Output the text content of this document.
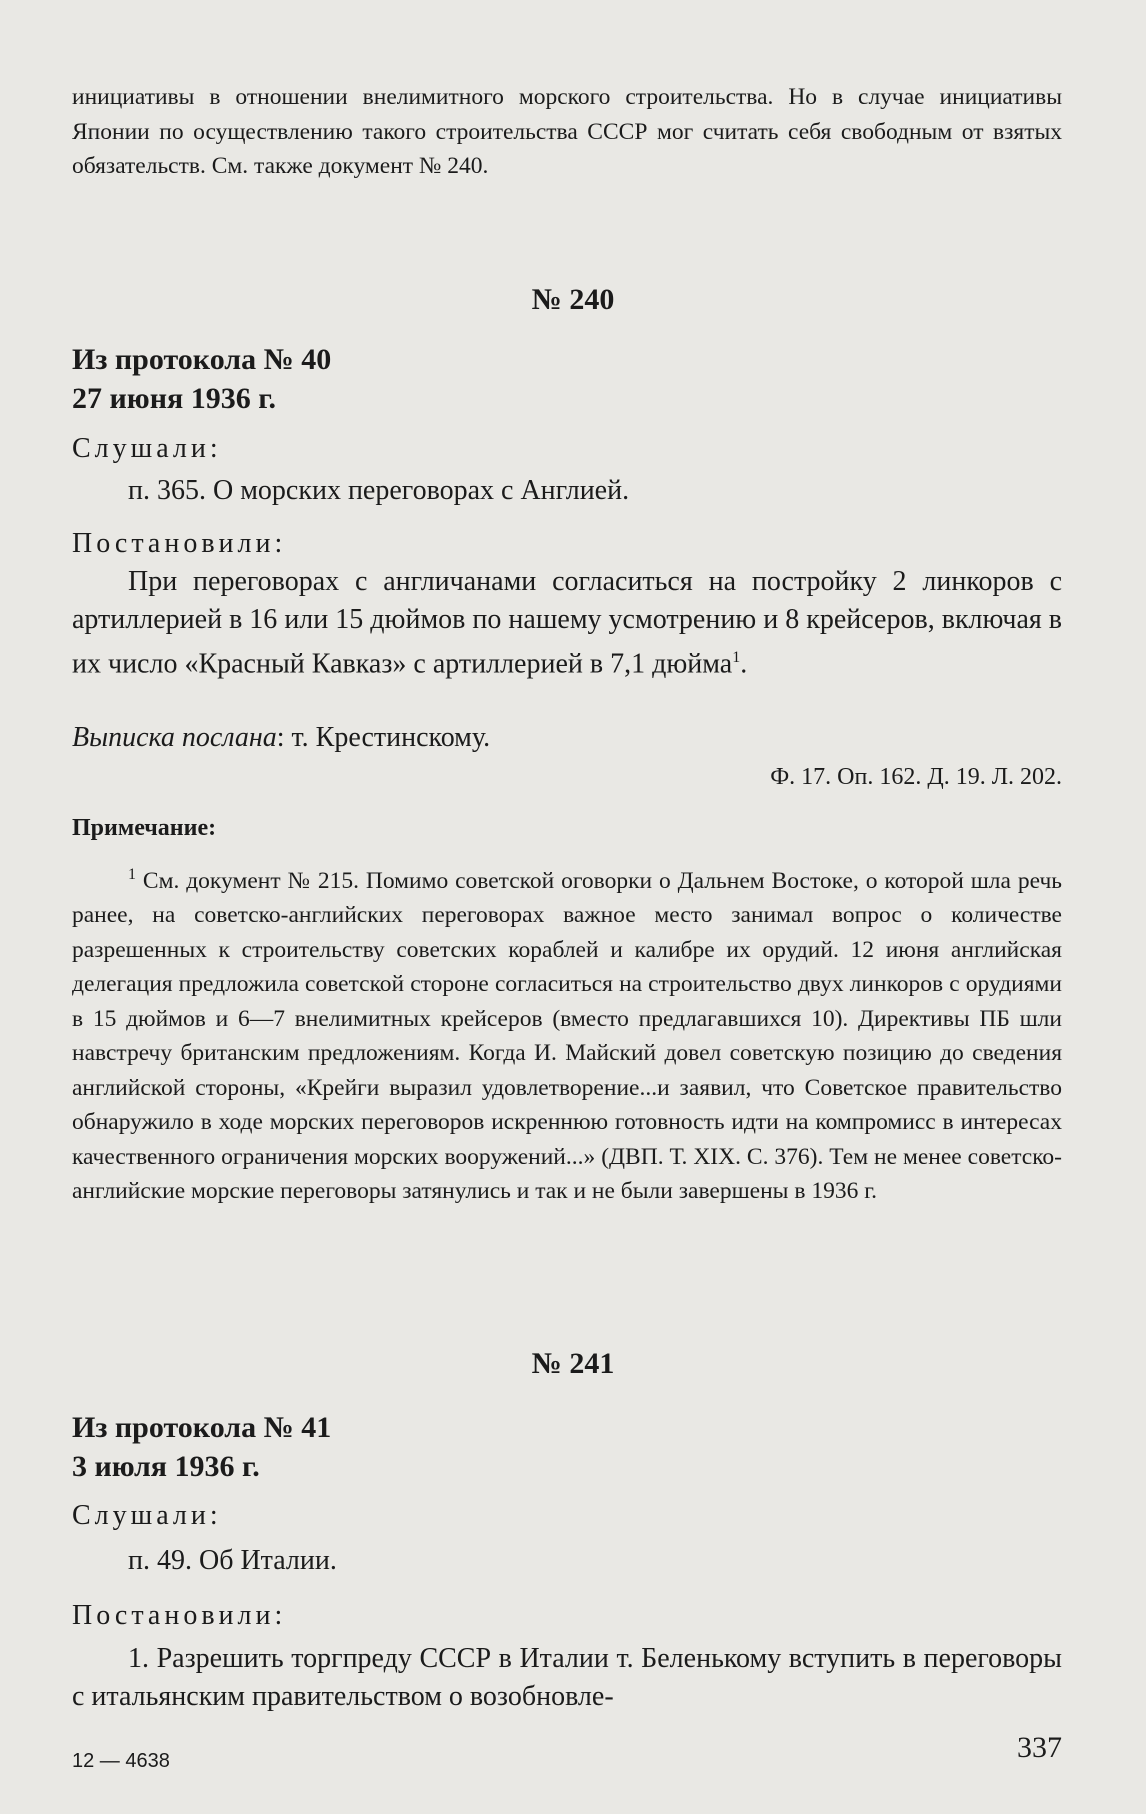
инициативы в отношении внелимитного морского строительства. Но в случае инициативы Японии по осуществлению такого строительства СССР мог считать себя свободным от взятых обязательств. См. также документ № 240.

№ 240
Из протокола № 40
27 июня 1936 г.
Слушали:
п. 365. О морских переговорах с Англией.
Постановили:

При переговорах с англичанами согласиться на постройку 2 линкоров с артиллерией в 16 или 15 дюймов по нашему усмотрению и 8 крейсеров, включая в их число «Красный Кавказ» с артиллерией в 7,1 дюйма$^1$.

Выписка послана: т. Крестинскому.
Ф. 17. Оп. 162. Д. 19. Л. 202.
Примечание:

$^1$ См. документ № 215. Помимо советской оговорки о Дальнем Востоке, о которой шла речь ранее, на советско-английских переговорах важное место занимал вопрос о количестве разрешенных к строительству советских кораблей и калибре их орудий. 12 июня английская делегация предложила советской стороне согласиться на строительство двух линкоров с орудиями в 15 дюймов и 6—7 внелимитных крейсеров (вместо предлагавшихся 10). Директивы ПБ шли навстречу британским предложениям. Когда И. Майский довел советскую позицию до сведения английской стороны, «Крейги выразил удовлетворение...и заявил, что Советское правительство обнаружило в ходе морских переговоров искреннюю готовность идти на компромисс в интересах качественного ограничения морских вооружений...» (ДВП. Т. XIX. С. 376). Тем не менее советско-английские морские переговоры затянулись и так и не были завершены в 1936 г.

№ 241
Из протокола № 41
3 июля 1936 г.
Слушали:
п. 49. Об Италии.
Постановили:

1. Разрешить торгпреду СССР в Италии т. Беленькому вступить в переговоры с итальянским правительством о возобновле-

12 — 4638	337
